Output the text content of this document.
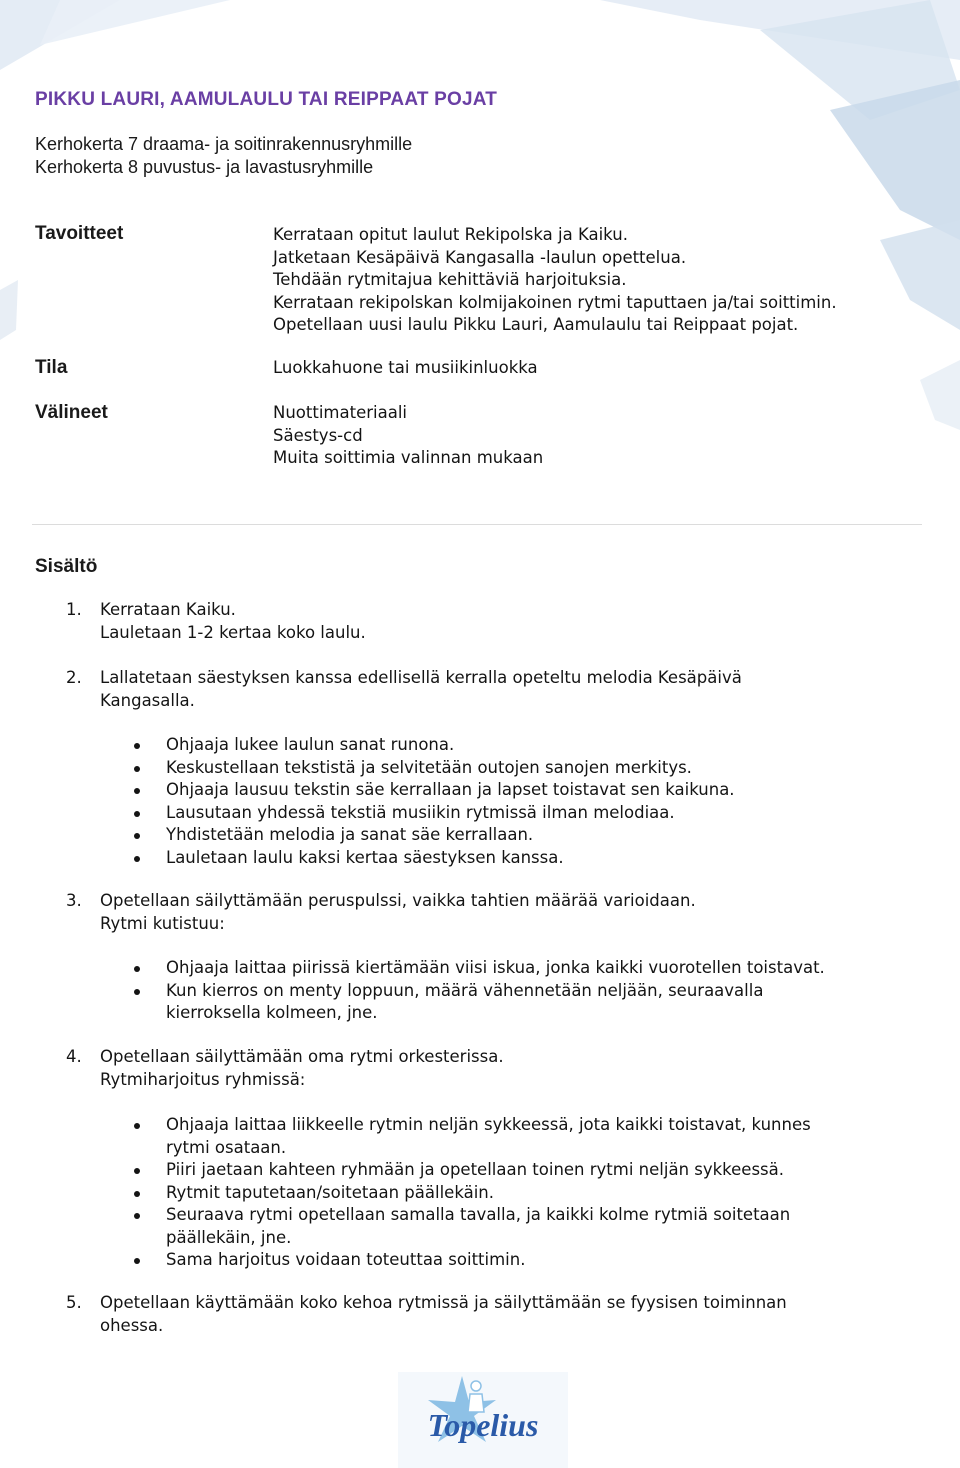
PIKKU LAURI, AAMULAULU TAI REIPPAAT POJAT
Kerhokerta 7 draama- ja soitinrakennusryhmille
Kerhokerta 8 puvustus- ja lavastusryhmille
Tavoitteet	Kerrataan opitut laulut Rekipolska ja Kaiku.
Jatketaan Kesäpäivä Kangasalla -laulun opettelua.
Tehdään rytmitajua kehittäviä harjoituksia.
Kerrataan rekipolskan kolmijakoinen rytmi taputtaen ja/tai soittimin.
Opetellaan uusi laulu Pikku Lauri, Aamulaulu tai Reippaat pojat.
Tila	Luokkahuone tai musiikinluokka
Välineet	Nuottimateriaali
Säestys-cd
Muita soittimia valinnan mukaan
Sisältö
1.	Kerrataan Kaiku.
Lauletaan 1-2 kertaa koko laulu.
2.	Lallatetaan säestyksen kanssa edellisellä kerralla opeteltu melodia Kesäpäivä
Kangasalla.
Ohjaaja lukee laulun sanat runona.
Keskustellaan tekstistä ja selvitetään outojen sanojen merkitys.
Ohjaaja lausuu tekstin säe kerrallaan ja lapset toistavat sen kaikuna.
Lausutaan yhdessä tekstiä musiikin rytmissä ilman melodiaa.
Yhdistetään melodia ja sanat säe kerrallaan.
Lauletaan laulu kaksi kertaa säestyksen kanssa.
3.	Opetellaan säilyttämään peruspulssi, vaikka tahtien määrää varioidaan.
Rytmi kutistuu:
Ohjaaja laittaa piirissä kiertämään viisi iskua, jonka kaikki vuorotellen toistavat.
Kun kierros on menty loppuun, määrä vähennetään neljään, seuraavalla
kierroksella kolmeen, jne.
4.	Opetellaan säilyttämään oma rytmi orkesterissa.
Rytmiharjoitus ryhmissä:
Ohjaaja laittaa liikkeelle rytmin neljän sykkeessä, jota kaikki toistavat, kunnes
rytmi osataan.
Piiri jaetaan kahteen ryhmään ja opetellaan toinen rytmi neljän sykkeessä.
Rytmit taputetaan/soitetaan päällekäin.
Seuraava rytmi opetellaan samalla tavalla, ja kaikki kolme rytmiä soitetaan
päällekäin, jne.
Sama harjoitus voidaan toteuttaa soittimin.
5.	Opetellaan käyttämään koko kehoa rytmissä ja säilyttämään se fyysisen toiminnan
ohessa.
Topelius
